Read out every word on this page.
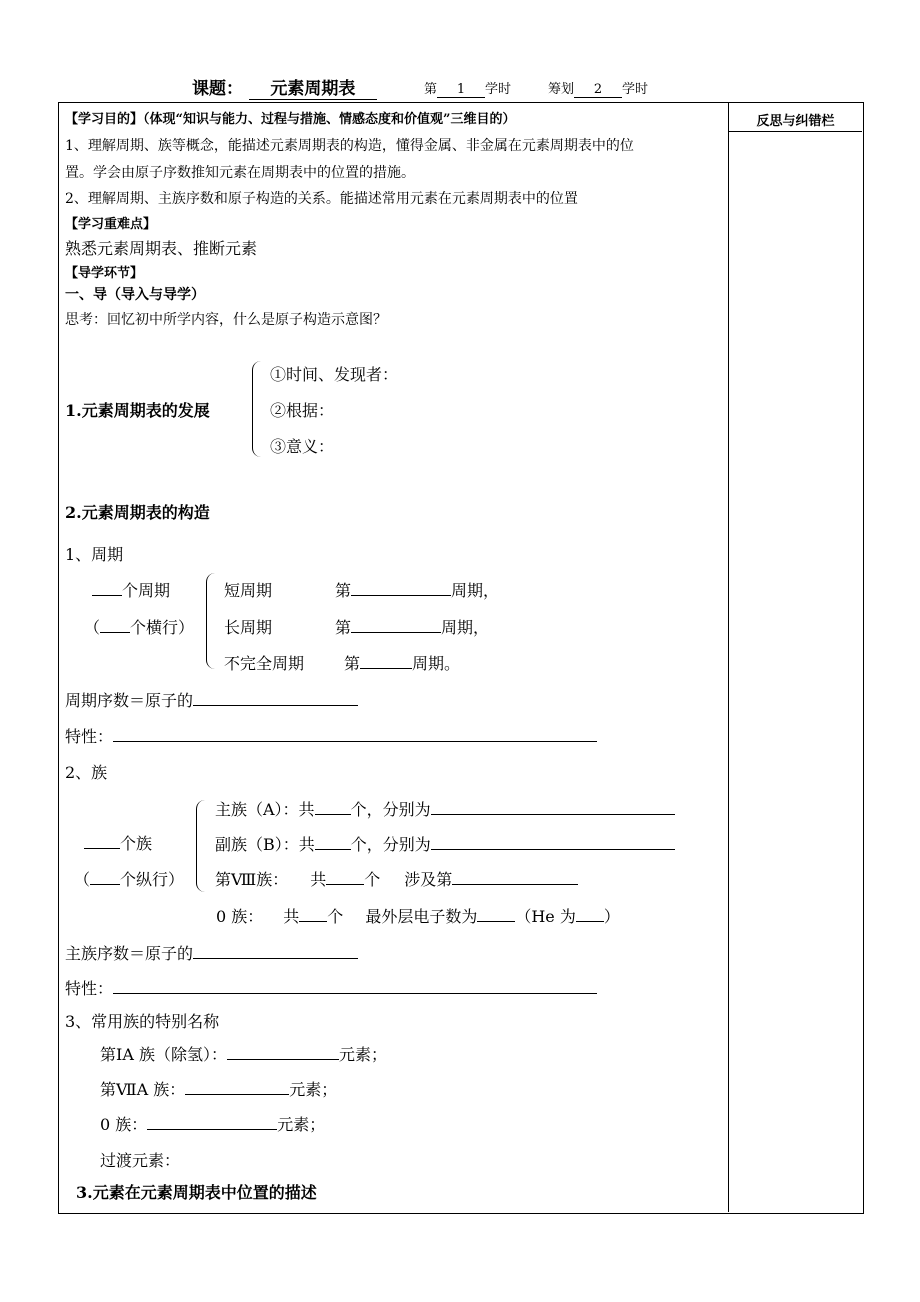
课题： 元素周期表	第 1 学时	筹划 2 学时
反思与纠错栏
【学习目的】（体现“知识与能力、过程与措施、情感态度和价值观”三维目的）
1、理解周期、族等概念，能描述元素周期表的构造，懂得金属、非金属在元素周期表中的位
置。学会由原子序数推知元素在周期表中的位置的措施。
2、理解周期、主族序数和原子构造的关系。能描述常用元素在元素周期表中的位置
【学习重难点】
熟悉元素周期表、推断元素
【导学环节】
一、导（导入与导学）
思考：回忆初中所学内容，什么是原子构造示意图？
1.元素周期表的发展
①时间、发现者：
②根据：
③意义：
2.元素周期表的构造
1、周期
个周期
（ 个横行）
短周期	第	周期，
长周期	第	周期，
不完全周期 第	周期。
周期序数＝原子的
特性：
2、族
个族
（ 个纵行）
主族（A）：共 个，分别为
副族（B）：共 个，分别为
第Ⅷ族： 共 个 涉及第
0 族： 共 个 最外层电子数为 （He 为 ）
主族序数＝原子的
特性：
3、常用族的特别名称
第ⅠA 族（除氢）：	元素；
第ⅦA 族：	元素；
0 族：	元素；
过渡元素：
3.元素在元素周期表中位置的描述
